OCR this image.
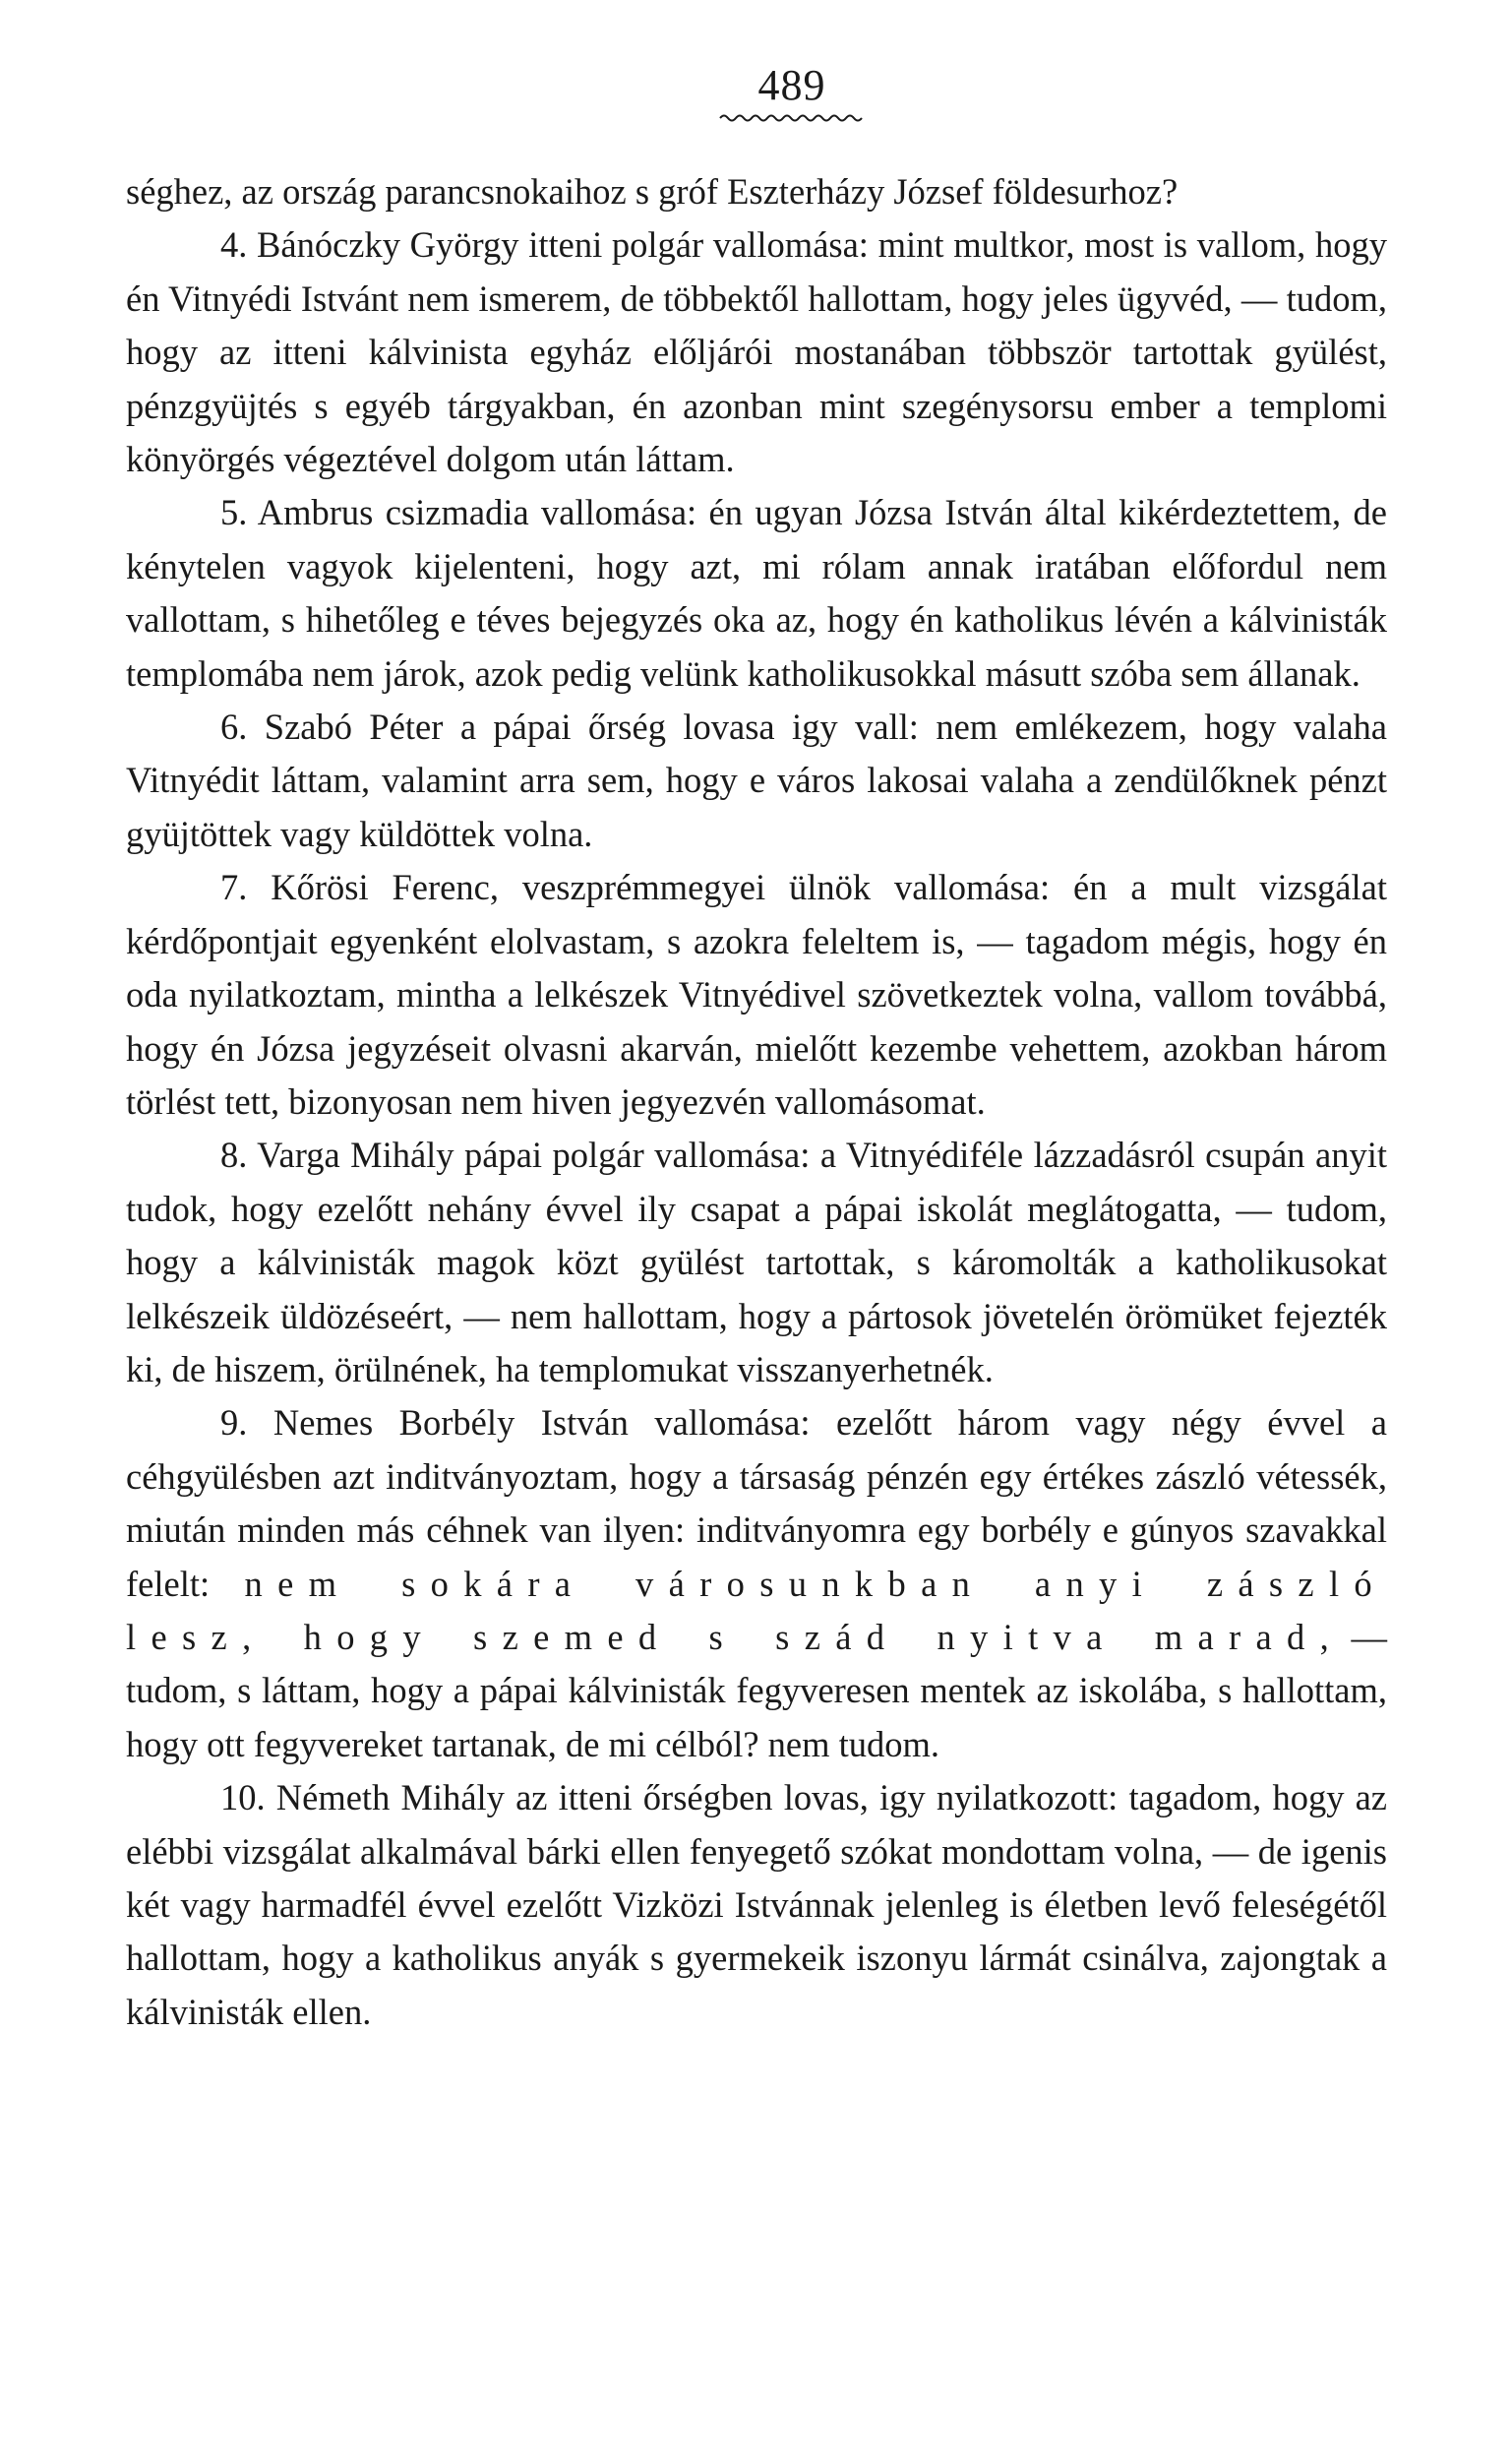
489

séghez, az ország parancsnokaihoz s gróf Eszterházy József földesurhoz?

4. Bánóczky György itteni polgár vallomása: mint multkor, most is vallom, hogy én Vitnyédi Istvánt nem ismerem, de többektől hallottam, hogy jeles ügyvéd, — tudom, hogy az itteni kálvinista egyház előljárói mostanában többször tartottak gyülést, pénzgyüjtés s egyéb tárgyakban, én azonban mint szegénysorsu ember a templomi könyörgés végeztével dolgom után láttam.

5. Ambrus csizmadia vallomása: én ugyan Józsa István által kikérdeztettem, de kénytelen vagyok kijelenteni, hogy azt, mi rólam annak iratában előfordul nem vallottam, s hihetőleg e téves bejegyzés oka az, hogy én katholikus lévén a kálvinisták templomába nem járok, azok pedig velünk katholikusokkal másutt szóba sem állanak.

6. Szabó Péter a pápai őrség lovasa igy vall: nem emlékezem, hogy valaha Vitnyédit láttam, valamint arra sem, hogy e város lakosai valaha a zendülőknek pénzt gyüjtöttek vagy küldöttek volna.

7. Kőrösi Ferenc, veszprémmegyei ülnök vallomása: én a mult vizsgálat kérdőpontjait egyenként elolvastam, s azokra feleltem is, — tagadom mégis, hogy én oda nyilatkoztam, mintha a lelkészek Vitnyédivel szövetkeztek volna, vallom továbbá, hogy én Józsa jegyzéseit olvasni akarván, mielőtt kezembe vehettem, azokban három törlést tett, bizonyosan nem hiven jegyezvén vallomásomat.

8. Varga Mihály pápai polgár vallomása: a Vitnyédiféle lázzadásról csupán anyit tudok, hogy ezelőtt nehány évvel ily csapat a pápai iskolát meglátogatta, — tudom, hogy a kálvinisták magok közt gyülést tartottak, s káromolták a katholikusokat lelkészeik üldözéseért, — nem hallottam, hogy a pártosok jövetelén örömüket fejezték ki, de hiszem, örülnének, ha templomukat visszanyerhetnék.

9. Nemes Borbély István vallomása: ezelőtt három vagy négy évvel a céhgyülésben azt inditványoztam, hogy a társaság pénzén egy értékes zászló vétessék, miután minden más céhnek van ilyen: inditványomra egy borbély e gúnyos szavakkal felelt: nem sokára városunkban anyi zászló lesz, hogy szemed s szád nyitva marad, — tudom, s láttam, hogy a pápai kálvinisták fegyveresen mentek az iskolába, s hallottam, hogy ott fegyvereket tartanak, de mi célból? nem tudom.

10. Németh Mihály az itteni őrségben lovas, igy nyilatkozott: tagadom, hogy az elébbi vizsgálat alkalmával bárki ellen fenyegető szókat mondottam volna, — de igenis két vagy harmadfél évvel ezelőtt Vizközi Istvánnak jelenleg is életben levő feleségétől hallottam, hogy a katholikus anyák s gyermekeik iszonyu lármát csinálva, zajongtak a kálvinisták ellen.
